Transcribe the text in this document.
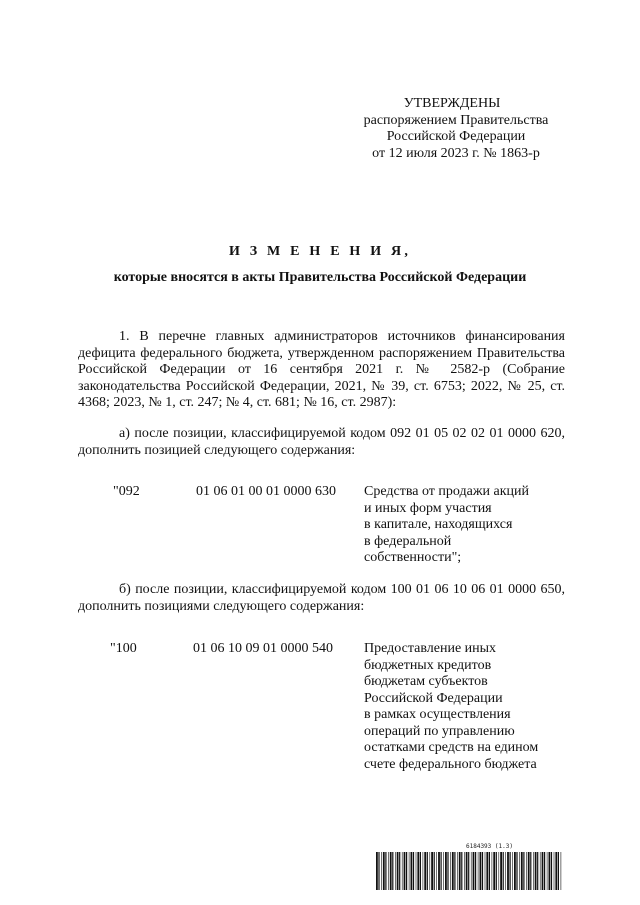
УТВЕРЖДЕНЫ
распоряжением Правительства
Российской Федерации
от 12 июля 2023 г. № 1863-р
И З М Е Н Е Н И Я,
которые вносятся в акты Правительства Российской Федерации

1. В перечне главных администраторов источников финансирования дефицита федерального бюджета, утвержденном распоряжением Правительства Российской Федерации от 16 сентября 2021 г. № 2582-р (Собрание законодательства Российской Федерации, 2021, № 39, ст. 6753; 2022, № 25, ст. 4368; 2023, № 1, ст. 247; № 4, ст. 681; № 16, ст. 2987):

а) после позиции, классифицируемой кодом 092 01 05 02 02 01 0000 620, дополнить позицией следующего содержания:

"092	01 06 01 00 01 0000 630 Средства от продажи акций
и иных форм участия
в капитале, находящихся
в федеральной
собственности";

б) после позиции, классифицируемой кодом 100 01 06 10 06 01 0000 650, дополнить позициями следующего содержания:

"100	01 06 10 09 01 0000 540 Предоставление иных
бюджетных кредитов
бюджетам субъектов
Российской Федерации
в рамках осуществления
операций по управлению
остатками средств на едином
счете федерального бюджета
6184393 (1.3)
